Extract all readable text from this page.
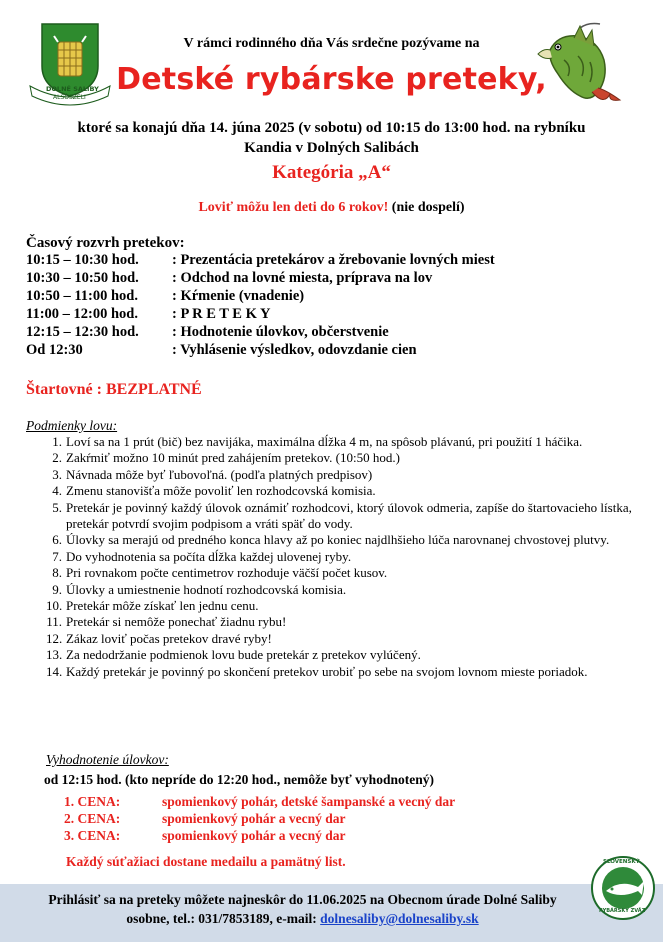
DOLNÉ SALIBY
ALSÓSZELI
V rámci rodinného dňa Vás srdečne pozývame na
Detské rybárske preteky,
ktoré sa konajú dňa 14. júna 2025 (v sobotu) od 10:15 do 13:00 hod. na rybníku
Kandia v Dolných Salibách
Kategória „A“
Loviť môžu len deti do 6 rokov! (nie dospelí)
Časový rozvrh pretekov:
10:15 – 10:30 hod. : Prezentácia pretekárov a žrebovanie lovných miest
10:30 – 10:50 hod. : Odchod na lovné miesta, príprava na lov
10:50 – 11:00 hod. : Kŕmenie (vnadenie)
11:00 – 12:00 hod. : P R E T E K Y
12:15 – 12:30 hod. : Hodnotenie úlovkov, občerstvenie
Od 12:30	: Vyhlásenie výsledkov, odovzdanie cien
Štartovné : BEZPLATNÉ
Podmienky lovu:
1. Loví sa na 1 prút (bič) bez navijáka, maximálna dĺžka 4 m, na spôsob plávanú, pri použití 1 háčika.
2. Zakŕmiť možno 10 minút pred zahájením pretekov. (10:50 hod.)
3. Návnada môže byť ľubovoľná. (podľa platných predpisov)
4. Zmenu stanovišťa môže povoliť len rozhodcovská komisia.
5. Pretekár je povinný každý úlovok oznámiť rozhodcovi, ktorý úlovok odmeria, zapíše do štartovacieho lístka, pretekár potvrdí svojim podpisom a vráti späť do vody.
6. Úlovky sa merajú od predného konca hlavy až po koniec najdlhšieho lúča narovnanej chvostovej plutvy.
7. Do vyhodnotenia sa počíta dĺžka každej ulovenej ryby.
8. Pri rovnakom počte centimetrov rozhoduje väčší počet kusov.
9. Úlovky a umiestnenie hodnotí rozhodcovská komisia.
10. Pretekár môže získať len jednu cenu.
11. Pretekár si nemôže ponechať žiadnu rybu!
12. Zákaz loviť počas pretekov dravé ryby!
13. Za nedodržanie podmienok lovu bude pretekár z pretekov vylúčený.
14. Každý pretekár je povinný po skončení pretekov urobiť po sebe na svojom lovnom mieste poriadok.
Vyhodnotenie úlovkov:
od 12:15 hod. (kto nepríde do 12:20 hod., nemôže byť vyhodnotený)
1. CENA:	spomienkový pohár, detské šampanské a vecný dar
2. CENA:	spomienkový pohár a vecný dar
3. CENA:	spomienkový pohár a vecný dar
Každý súťažiaci dostane medailu a pamätný list.
Prihlásiť sa na preteky môžete najneskôr do 11.06.2025 na Obecnom úrade Dolné Saliby
osobne, tel.: 031/7853189, e-mail: dolnesaliby@dolnesaliby.sk
SLOVENSKÝ
RYBÁRSKY ZVÄZ
